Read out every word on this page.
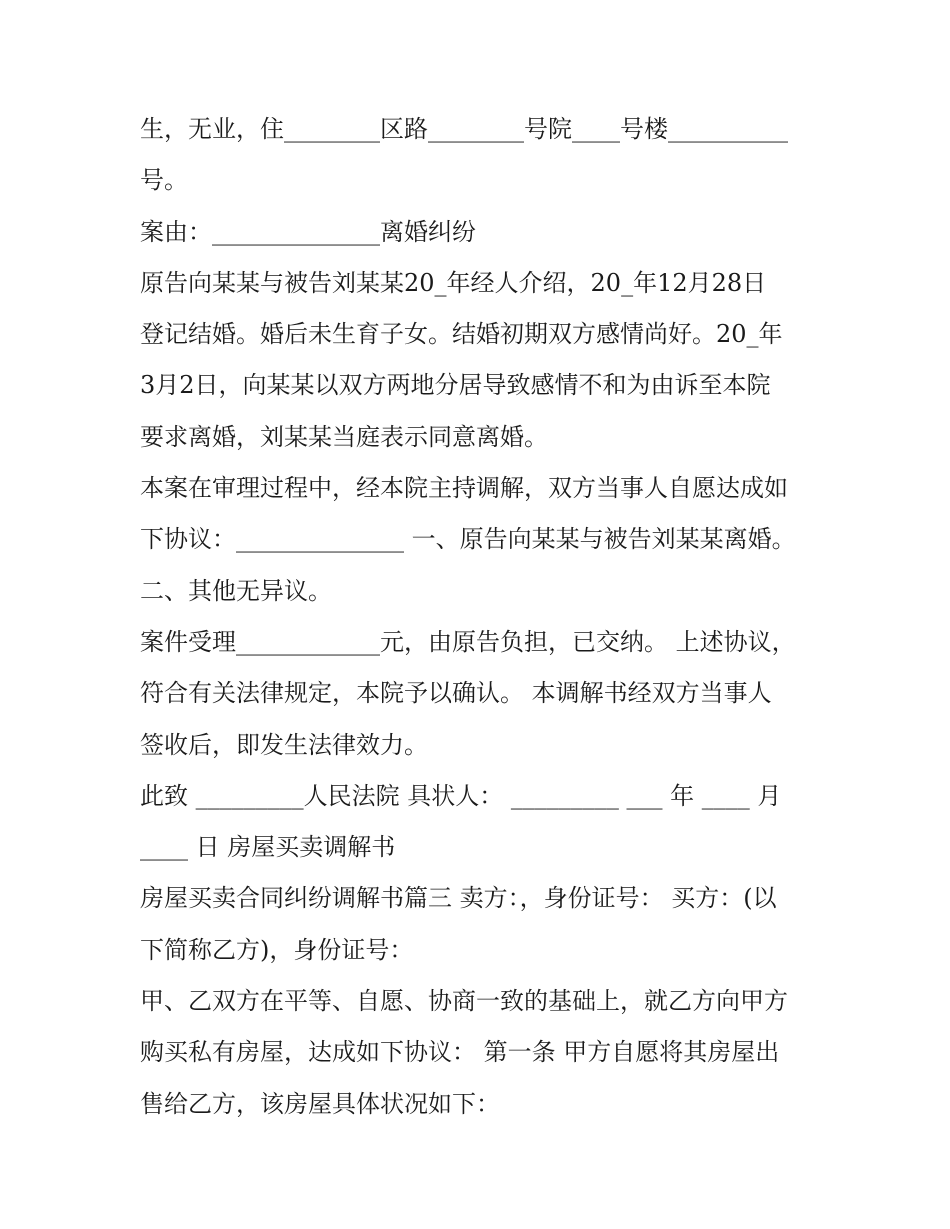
生，无业，住________区路________号院____号楼__________
号。
案由：______________离婚纠纷
原告向某某与被告刘某某20_年经人介绍，20_年12月28日
登记结婚。婚后未生育子女。结婚初期双方感情尚好。20_年
3月2日，向某某以双方两地分居导致感情不和为由诉至本院
要求离婚，刘某某当庭表示同意离婚。
本案在审理过程中，经本院主持调解，双方当事人自愿达成如
下协议：______________ 一、原告向某某与被告刘某某离婚。
二、其他无异议。
案件受理____________元，由原告负担，已交纳。 上述协议，
符合有关法律规定，本院予以确认。 本调解书经双方当事人
签收后，即发生法律效力。
此致 _________人民法院 具状人： _________ ___ 年 ____ 月
____ 日 房屋买卖调解书
房屋买卖合同纠纷调解书篇三 卖方：，身份证号： 买方：(以
下简称乙方)，身份证号：
甲、乙双方在平等、自愿、协商一致的基础上，就乙方向甲方
购买私有房屋，达成如下协议： 第一条 甲方自愿将其房屋出
售给乙方，该房屋具体状况如下：
